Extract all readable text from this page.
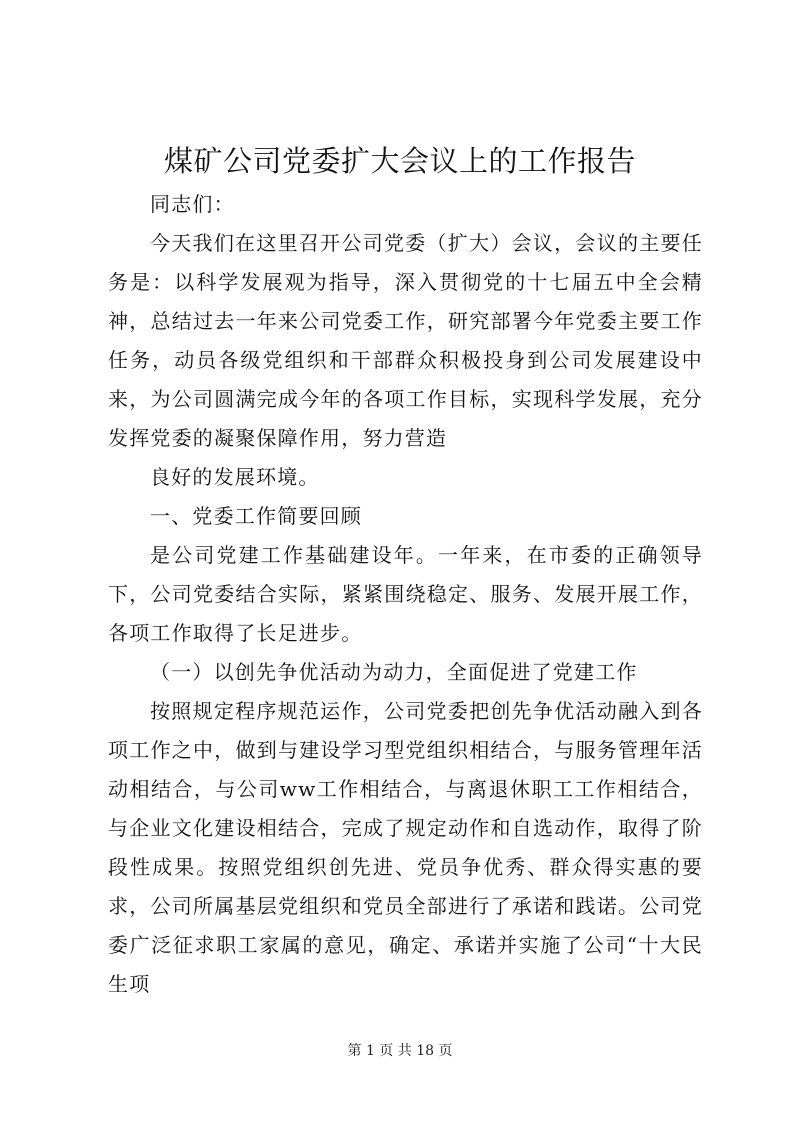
煤矿公司党委扩大会议上的工作报告

同志们：

今天我们在这里召开公司党委（扩大）会议，会议的主要任务是：以科学发展观为指导，深入贯彻党的十七届五中全会精神，总结过去一年来公司党委工作，研究部署今年党委主要工作任务，动员各级党组织和干部群众积极投身到公司发展建设中来，为公司圆满完成今年的各项工作目标，实现科学发展，充分发挥党委的凝聚保障作用，努力营造

良好的发展环境。

一、党委工作简要回顾

是公司党建工作基础建设年。一年来，在市委的正确领导下，公司党委结合实际，紧紧围绕稳定、服务、发展开展工作，各项工作取得了长足进步。

（一）以创先争优活动为动力，全面促进了党建工作

按照规定程序规范运作，公司党委把创先争优活动融入到各项工作之中，做到与建设学习型党组织相结合，与服务管理年活动相结合，与公司ww工作相结合，与离退休职工工作相结合，与企业文化建设相结合，完成了规定动作和自选动作，取得了阶段性成果。按照党组织创先进、党员争优秀、群众得实惠的要求，公司所属基层党组织和党员全部进行了承诺和践诺。公司党委广泛征求职工家属的意见，确定、承诺并实施了公司“十大民生项

第 1 页 共 18 页
